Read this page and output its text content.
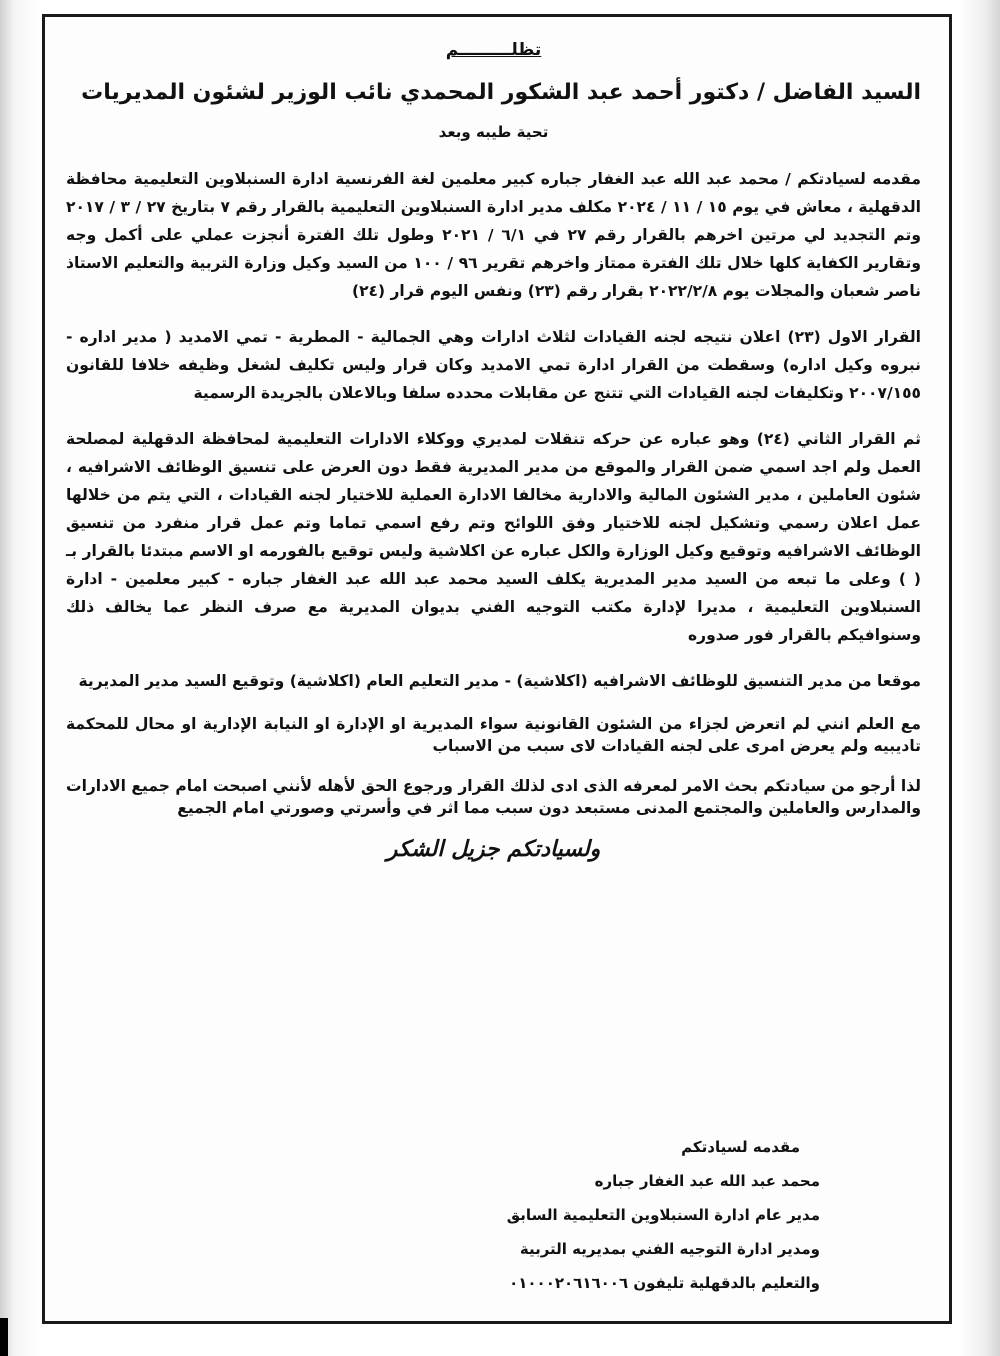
تظلـــــــــم
السيد الفاضل / دكتور أحمد عبد الشكور المحمدي نائب الوزير لشئون المديريات
تحية طيبه وبعد

مقدمه لسيادتكم / محمد عبد الله عبد الغفار جباره كبير معلمين لغة الفرنسية ادارة السنبلاوين التعليمية محافظة الدقهلية ، معاش في يوم ١٥ / ١١ / ٢٠٢٤ مكلف مدير ادارة السنبلاوين التعليمية بالقرار رقم ٧ بتاريخ ٢٧ / ٣ / ٢٠١٧ وتم التجديد لي مرتين اخرهم بالقرار رقم ٢٧ في ٦/١ / ٢٠٢١ وطول تلك الفترة أنجزت عملي على أكمل وجه وتقارير الكفاية كلها خلال تلك الفترة ممتاز واخرهم تقرير ٩٦ / ١٠٠ من السيد وكيل وزارة التربية والتعليم الاستاذ ناصر شعبان والمجلات يوم ٢٠٢٢/٢/٨ بقرار رقم (٢٣) ونفس اليوم قرار (٢٤)

القرار الاول (٢٣) اعلان نتيجه لجنه القيادات لثلاث ادارات وهي الجمالية - المطرية - تمي الامديد ( مدير اداره - نبروه وكيل اداره) وسقطت من القرار ادارة تمي الامديد وكان قرار وليس تكليف لشغل وظيفه خلافا للقانون ٢٠٠٧/١٥٥ وتكليفات لجنه القيادات التي تتنج عن مقابلات محدده سلفا وبالاعلان بالجريدة الرسمية

ثم القرار الثاني (٢٤) وهو عباره عن حركه تنقلات لمديري ووكلاء الادارات التعليمية لمحافظة الدقهلية لمصلحة العمل ولم اجد اسمي ضمن القرار والموقع من مدير المديرية فقط دون العرض على تنسيق الوظائف الاشرافيه ، شئون العاملين ، مدير الشئون المالية والادارية مخالفا الادارة العملية للاختيار لجنه القيادات ، التي يتم من خلالها عمل اعلان رسمي وتشكيل لجنه للاختيار وفق اللوائح وتم رفع اسمي تماما وتم عمل قرار منفرد من تنسيق الوظائف الاشرافيه وتوقيع وكيل الوزارة والكل عباره عن اكلاشية وليس توقيع بالفورمه او الاسم مبتدئا بالقرار بـ ( ) وعلى ما تبعه من السيد مدير المديرية يكلف السيد محمد عبد الله عبد الغفار جباره - كبير معلمين - ادارة السنبلاوين التعليمية ، مديرا لإدارة مكتب التوجيه الفني بديوان المديرية مع صرف النظر عما يخالف ذلك وسنوافيكم بالقرار فور صدوره

موقعا من مدير التنسيق للوظائف الاشرافيه (اكلاشية) - مدير التعليم العام (اكلاشية) وتوقيع السيد مدير المديرية

مع العلم انني لم اتعرض لجزاء من الشئون القانونية سواء المديرية او الإدارة او النيابة الإدارية او محال للمحكمة تاديبيه ولم يعرض امرى على لجنه القيادات لاى سبب من الاسباب

لذا أرجو من سيادتكم بحث الامر لمعرفه الذى ادى لذلك القرار ورجوع الحق لأهله لأنني اصبحت امام جميع الادارات والمدارس والعاملين والمجتمع المدنى مستبعد دون سبب مما اثر في وأسرتي وصورتي امام الجميع

ولسيادتكم جزيل الشكر
مقدمه لسيادتكم
محمد عبد الله عبد الغفار جباره
مدير عام ادارة السنبلاوين التعليمية السابق
ومدير ادارة التوجيه الفني بمديريه التربية
والتعليم بالدقهلية تليفون ٠١٠٠٠٢٠٦١٦٠٠٦
